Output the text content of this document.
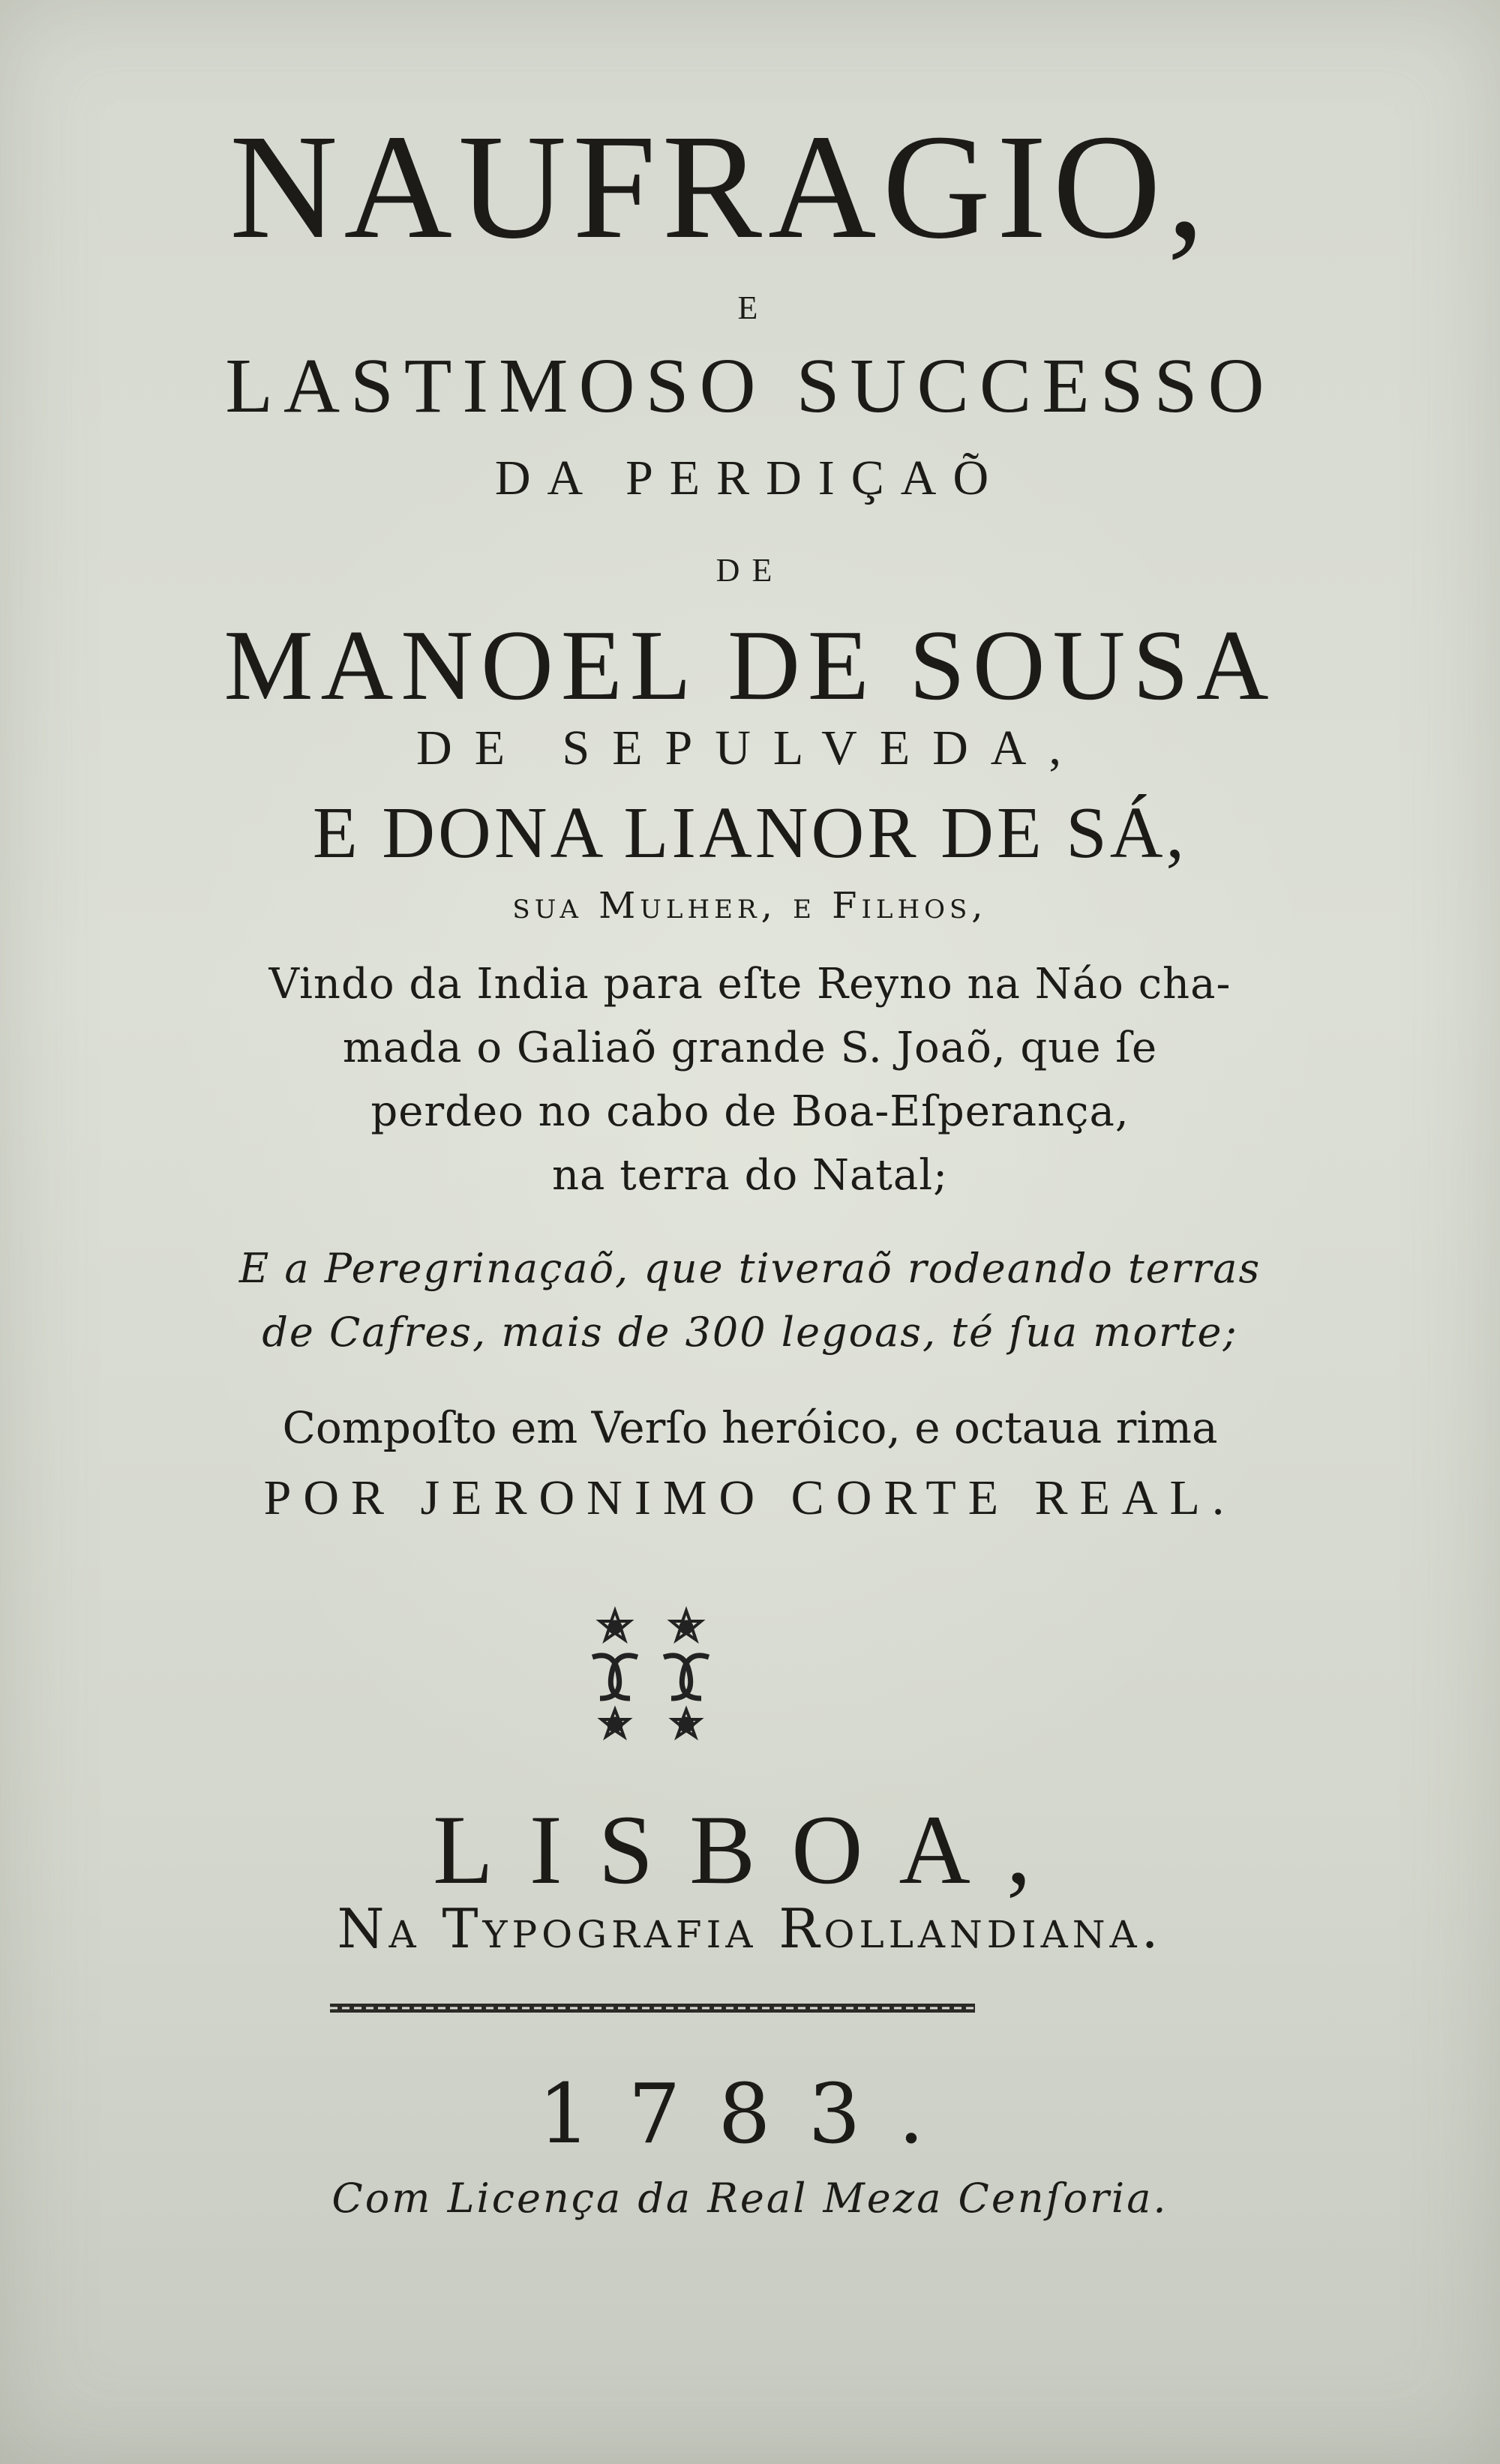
NAUFRAGIO,
E
LASTIMOSO SUCCESSO
DA PERDIÇAÕ
DE
MANOEL DE SOUSA
DE SEPULVEDA,
E DONA LIANOR DE SÁ,
sua Mulher, e Filhos,
Vindo da India para eſte Reyno na Náo cha-
mada o Galiaõ grande S. Joaõ, que ſe
perdeo no cabo de Boa-Eſperança,
na terra do Natal;
E a Peregrinaçaõ, que tiveraõ rodeando terras
de Cafres, mais de 300 legoas, té ſua morte;
Compoſto em Verſo heróico, e octaua rima
POR JERONIMO CORTE REAL.
LISBOA,
Na Typografia Rollandiana.
1783.
Com Licença da Real Meza Cenſoria.
